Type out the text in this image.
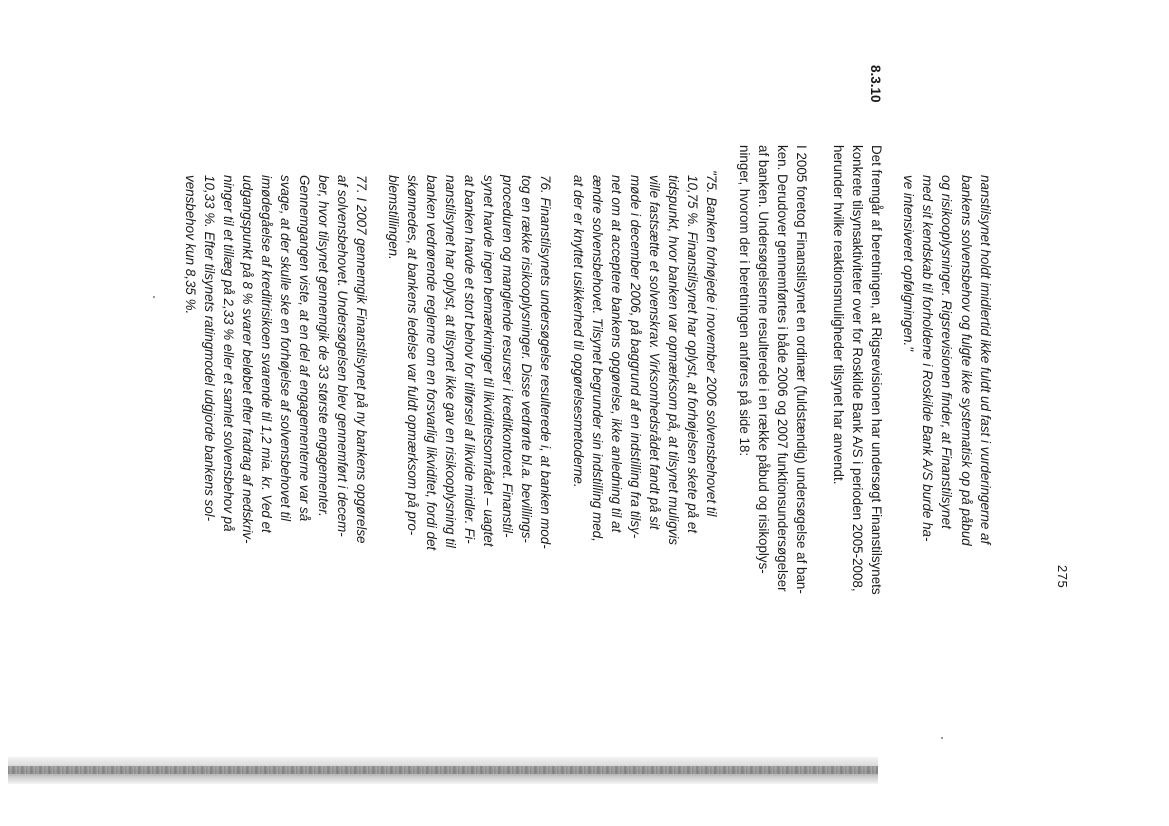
275
8.3.10
nanstilsynet holdt imidlertid ikke fuldt ud fast i vurderingerne af
bankens solvensbehov og fulgte ikke systematisk op på påbud
og risikooplysninger. Rigsrevisionen finder, at Finanstilsynet
med sit kendskab til forholdene i Roskilde Bank A/S burde ha-
ve intensiveret opfølgningen."
Det fremgår af beretningen, at Rigsrevisionen har undersøgt Finanstilsynets
konkrete tilsynsaktiviteter over for Roskilde Bank A/S i perioden 2005-2008,
herunder hvilke reaktionsmuligheder tilsynet har anvendt.
I 2005 foretog Finanstilsynet en ordinær (fuldstændig) undersøgelse af ban-
ken. Derudover gennemførtes i både 2006 og 2007 funktionsundersøgelser
af banken. Undersøgelserne resulterede i en række påbud og risikoplys-
ninger, hvorom der i beretningen anføres på side 18:
"75. Banken forhøjede i november 2006 solvensbehovet til
10,75 %. Finanstilsynet har oplyst, at forhøjelsen skete på et
tidspunkt, hvor banken var opmærksom på, at tilsynet muligvis
ville fastsætte et solvenskrav. Virksomhedsrådet fandt på sit
møde i december 2006, på baggrund af en indstilling fra tilsy-
net om at acceptere bankens opgørelse, ikke anledning til at
ændre solvensbehovet. Tilsynet begrunder sin indstilling med,
at der er knyttet usikkerhed til opgørelsesmetoderne.
76. Finanstilsynets undersøgelse resulterede i, at banken mod-
tog en række risikooplysninger. Disse vedrørte bl.a. bevillings-
proceduren og manglende resurser i kreditkontoret. Finanstil-
synet havde ingen bemærkninger til likviditetsområdet – uagtet
at banken havde et stort behov for tilførsel af likvide midler. Fi-
nanstilsynet har oplyst, at tilsynet ikke gav en risikooplysning til
banken vedrørende reglerne om en forsvarlig likviditet, fordi det
skønnedes, at bankens ledelse var fuldt opmærksom på pro-
blemstillingen.
77. I 2007 gennemgik Finanstilsynet på ny bankens opgørelse
af solvensbehovet. Undersøgelsen blev gennemført i decem-
ber, hvor tilsynet gennemgik de 33 største engagementer.
Gennemgangen viste, at en del af engagementerne var så
svage, at der skulle ske en forhøjelse af solvensbehovet til
imødegåelse af kreditrisikoen svarende til 1,2 mia. kr. Ved et
udgangspunkt på 8 % svarer beløbet efter fradrag af nedskriv-
ninger til et tillæg på 2,33 % eller et samlet solvensbehov på
10,33 %. Efter tilsynets ratingmodel udgjorde bankens sol-
vensbehov kun 8,35 %.
